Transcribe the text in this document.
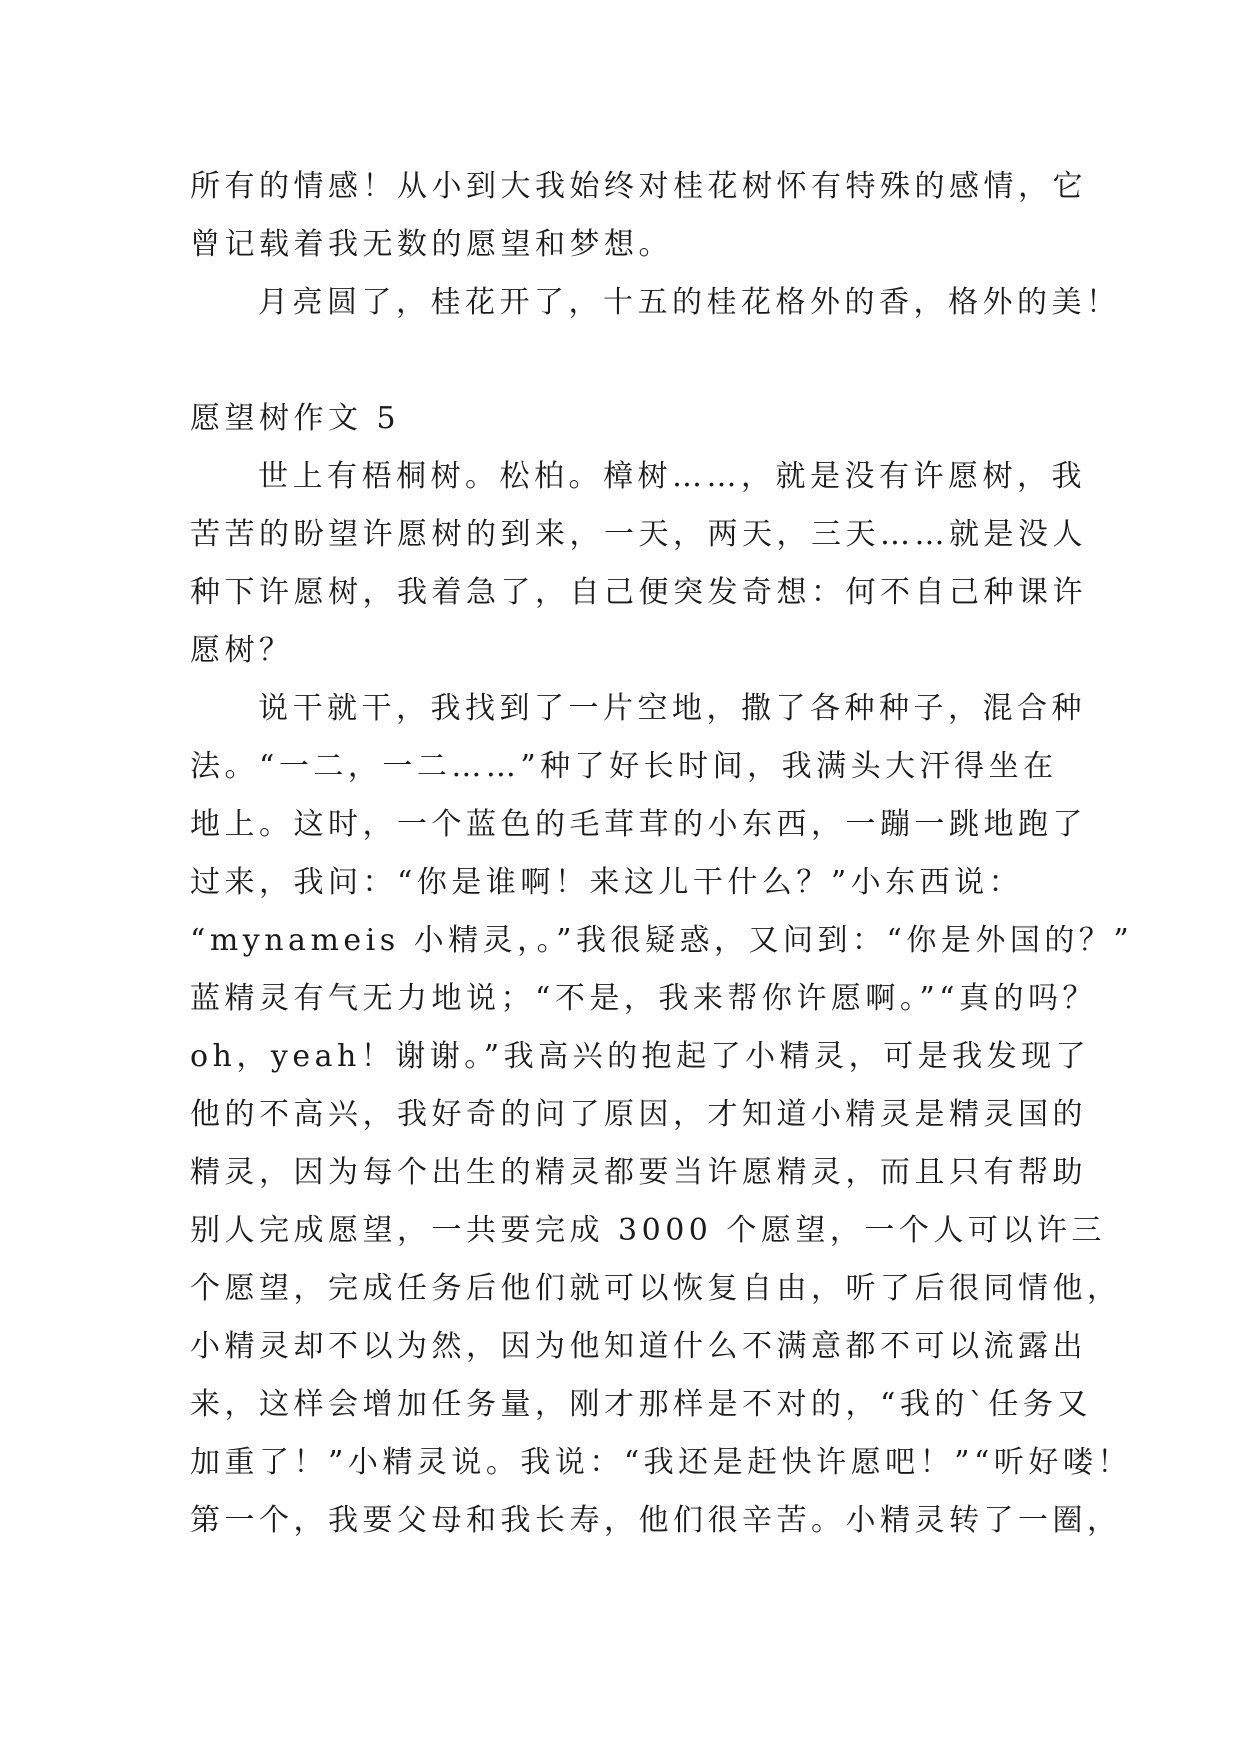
所有的情感！从小到大我始终对桂花树怀有特殊的感情，它
曾记载着我无数的愿望和梦想。
月亮圆了，桂花开了，十五的桂花格外的香，格外的美！
愿望树作文 5
世上有梧桐树。松柏。樟树……，就是没有许愿树，我
苦苦的盼望许愿树的到来，一天，两天，三天……就是没人
种下许愿树，我着急了，自己便突发奇想：何不自己种课许
愿树？
说干就干，我找到了一片空地，撒了各种种子，混合种
法。“一二，一二……”种了好长时间，我满头大汗得坐在
地上。这时，一个蓝色的毛茸茸的小东西，一蹦一跳地跑了
过来，我问：“你是谁啊！来这儿干什么？”小东西说：
“mynameis 小精灵，。”我很疑惑，又问到：“你是外国的？”
蓝精灵有气无力地说；“不是，我来帮你许愿啊。”“真的吗？
oh，yeah！谢谢。”我高兴的抱起了小精灵，可是我发现了
他的不高兴，我好奇的问了原因，才知道小精灵是精灵国的
精灵，因为每个出生的精灵都要当许愿精灵，而且只有帮助
别人完成愿望，一共要完成 3000 个愿望，一个人可以许三
个愿望，完成任务后他们就可以恢复自由，听了后很同情他，
小精灵却不以为然，因为他知道什么不满意都不可以流露出
来，这样会增加任务量，刚才那样是不对的，“我的`任务又
加重了！”小精灵说。我说：“我还是赶快许愿吧！”“听好喽！
第一个，我要父母和我长寿，他们很辛苦。小精灵转了一圈，
